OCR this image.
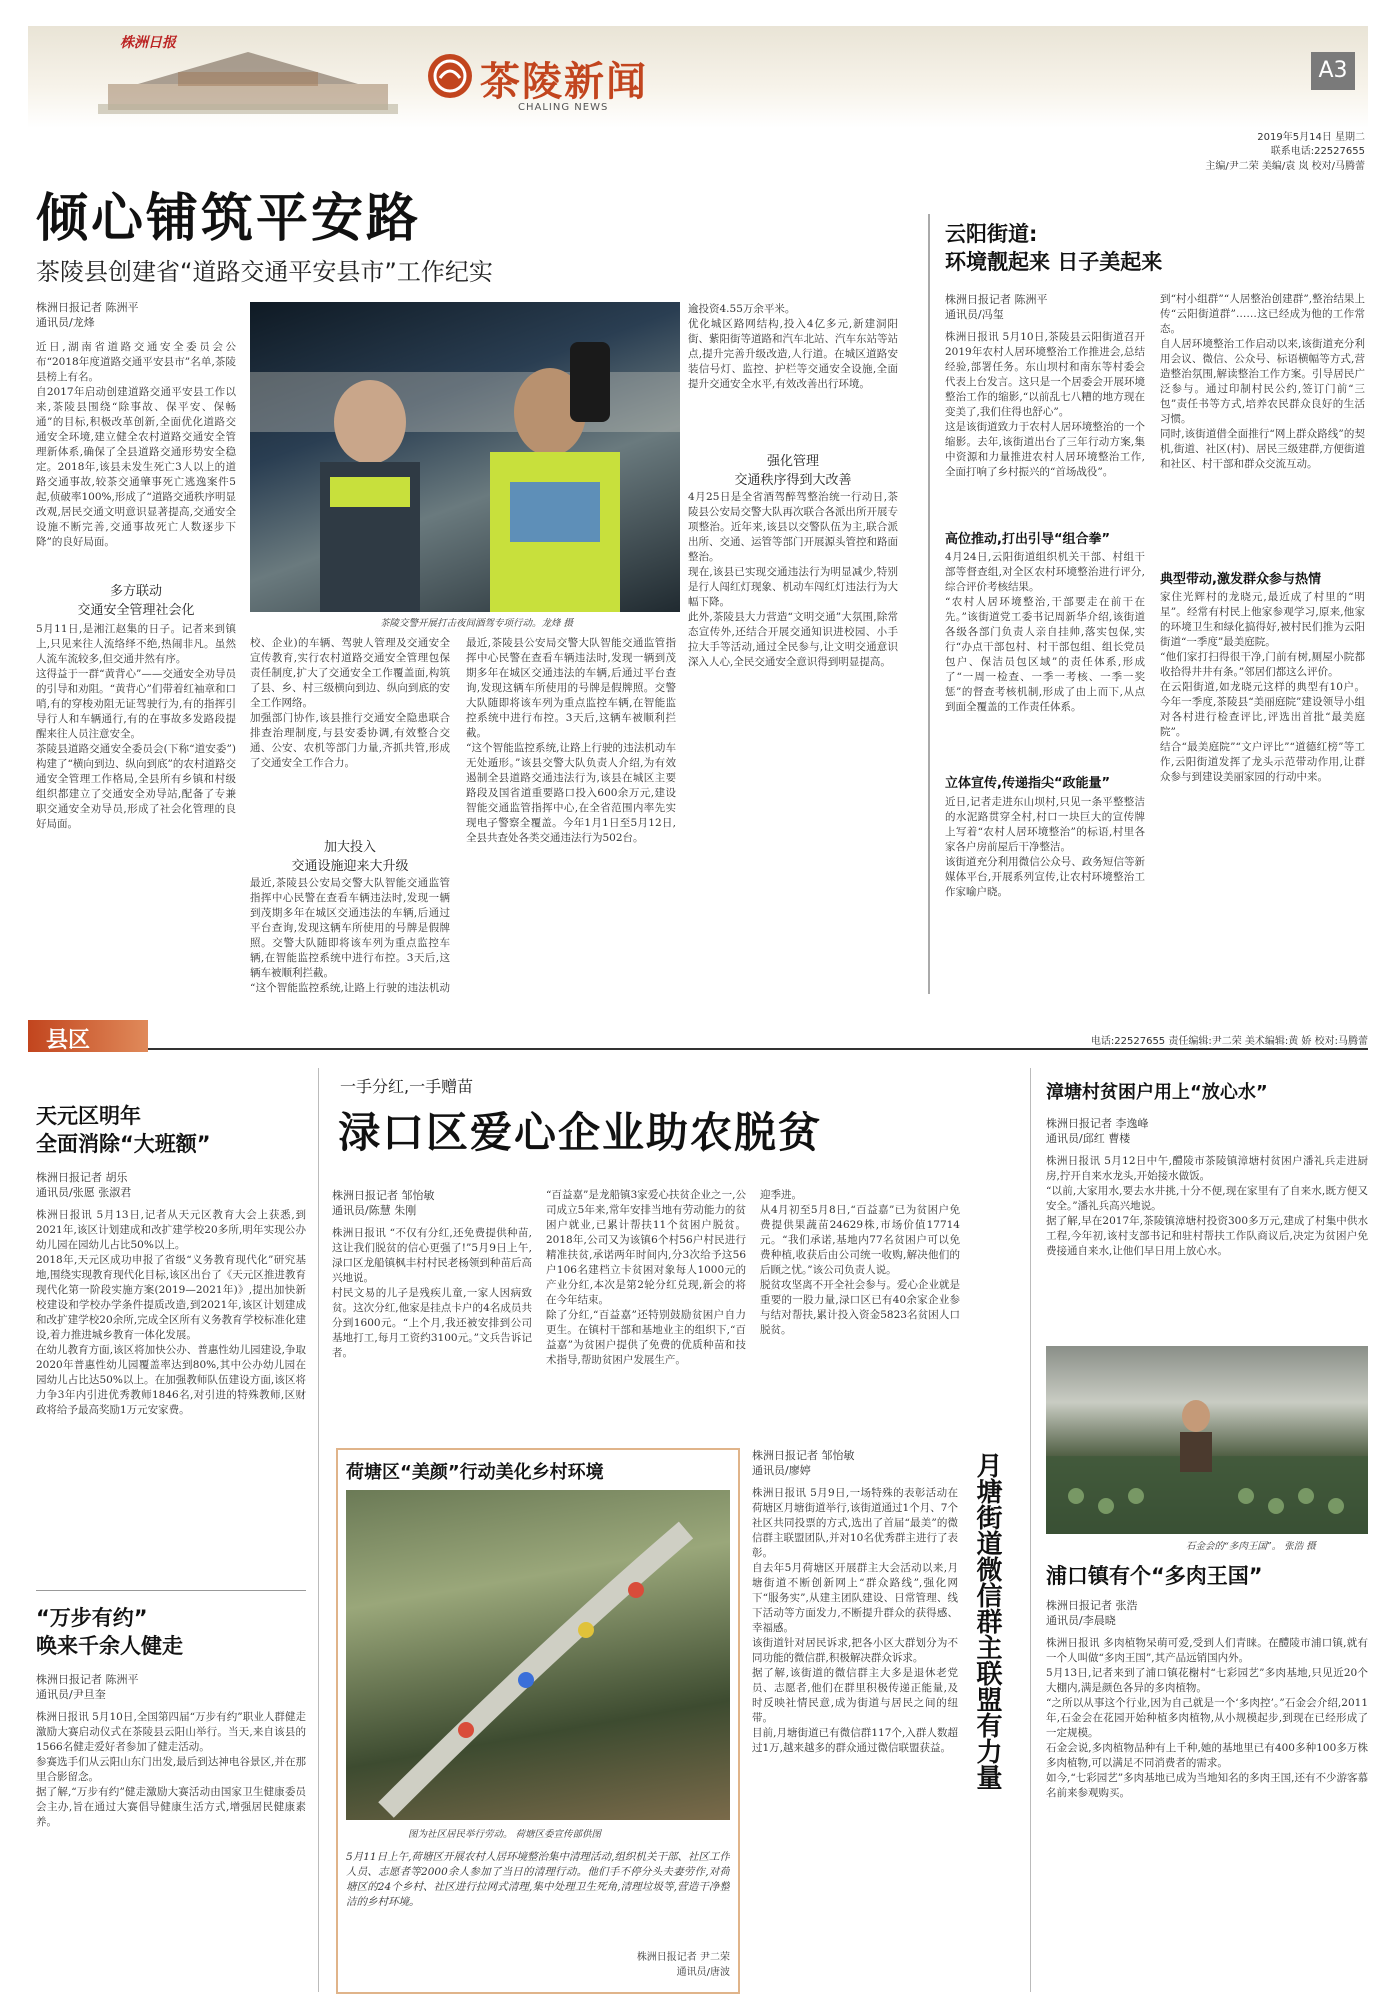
株洲日报
茶陵新闻
CHALING NEWS
A3
2019年5月14日 星期二
联系电话:22527655
主编/尹二荣 美编/袁 岚 校对/马腾蕾
倾心铺筑平安路
茶陵县创建省“道路交通平安县市”工作纪实
株洲日报记者 陈洲平
通讯员/龙烽
近日,湖南省道路交通安全委员会公布“2018年度道路交通平安县市”名单,茶陵县榜上有名。
自2017年启动创建道路交通平安县工作以来,茶陵县围绕“除事故、保平安、保畅通”的目标,积极改革创新,全面优化道路交通安全环境,建立健全农村道路交通安全管理新体系,确保了全县道路交通形势安全稳定。2018年,该县未发生死亡3人以上的道路交通事故,较茶交通肇事死亡逃逸案件5起,侦破率100%,形成了“道路交通秩序明显改观,居民交通文明意识显著提高,交通安全设施不断完善,交通事故死亡人数逐步下降”的良好局面。
多方联动
交通安全管理社会化
5月11日,是湘江赵集的日子。记者来到镇上,只见来往人流络绎不绝,热闹非凡。虽然人流车流较多,但交通井然有序。
这得益于一群“黄背心”——交通安全劝导员的引导和劝阻。“黄背心”们带着红袖章和口哨,有的穿梭劝阻无证驾驶行为,有的指挥引导行人和车辆通行,有的在事故多发路段提醒来往人员注意安全。
茶陵县道路交通安全委员会(下称“道安委”)构建了“横向到边、纵向到底”的农村道路交通安全管理工作格局,全县所有乡镇和村级组织都建立了交通安全劝导站,配备了专兼职交通安全劝导员,形成了社会化管理的良好局面。
茶陵交警开展打击夜间酒驾专项行动。龙烽 摄
校、企业)的车辆、驾驶人管理及交通安全宣传教育,实行农村道路交通安全管理包保责任制度,扩大了交通安全工作覆盖面,构筑了县、乡、村三级横向到边、纵向到底的安全工作网络。
加强部门协作,该县推行交通安全隐患联合排查治理制度,与县安委协调,有效整合交通、公安、农机等部门力量,齐抓共管,形成了交通安全工作合力。
加大投入
交通设施迎来大升级
最近,茶陵县公安局交警大队智能交通监管指挥中心民警在查看车辆违法时,发现一辆到茂期多年在城区交通违法的车辆,后通过平台查询,发现这辆车所使用的号牌是假牌照。交警大队随即将该车列为重点监控车辆,在智能监控系统中进行布控。3天后,这辆车被顺利拦截。
“这个智能监控系统,让路上行驶的违法机动
最近,茶陵县公安局交警大队智能交通监管指挥中心民警在查看车辆违法时,发现一辆到茂期多年在城区交通违法的车辆,后通过平台查询,发现这辆车所使用的号牌是假牌照。交警大队随即将该车列为重点监控车辆,在智能监控系统中进行布控。3天后,这辆车被顺利拦截。
“这个智能监控系统,让路上行驶的违法机动车无处遁形。”该县交警大队负责人介绍,为有效遏制全县道路交通违法行为,该县在城区主要路段及国省道重要路口投入600余万元,建设智能交通监管指挥中心,在全省范围内率先实现电子警察全覆盖。今年1月1日至5月12日,全县共查处各类交通违法行为502台。
逾投资4.55万余平米。
优化城区路网结构,投入4亿多元,新建洞阳街、紫阳街等道路和汽车北站、汽车东站等站点,提升完善升级改造,人行道。在城区道路安装信号灯、监控、护栏等交通安全设施,全面提升交通安全水平,有效改善出行环境。
强化管理
交通秩序得到大改善
4月25日是全省酒驾醉驾整治统一行动日,茶陵县公安局交警大队再次联合各派出所开展专项整治。近年来,该县以交警队伍为主,联合派出所、交通、运管等部门开展源头管控和路面整治。
现在,该县已实现交通违法行为明显减少,特别是行人闯红灯现象、机动车闯红灯违法行为大幅下降。
此外,茶陵县大力营造“文明交通”大氛围,除常态宣传外,还结合开展交通知识进校园、小手拉大手等活动,通过全民参与,让文明交通意识深入人心,全民交通安全意识得到明显提高。
云阳街道:
环境靓起来 日子美起来
株洲日报记者 陈洲平
通讯员/冯玺
株洲日报讯 5月10日,茶陵县云阳街道召开2019年农村人居环境整治工作推进会,总结经验,部署任务。东山坝村和南东等村委会代表上台发言。这只是一个居委会开展环境整治工作的缩影,“以前乱七八糟的地方现在变美了,我们住得也舒心”。
这是该街道致力于农村人居环境整治的一个缩影。去年,该街道出台了三年行动方案,集中资源和力量推进农村人居环境整治工作,全面打响了乡村振兴的“首场战役”。
高位推动,打出引导“组合拳”
4月24日,云阳街道组织机关干部、村组干部等督查组,对全区农村环境整治进行评分,综合评价考核结果。
“农村人居环境整治,干部要走在前干在先。”该街道党工委书记周新华介绍,该街道各级各部门负责人亲自挂帅,落实包保,实行“办点干部包村、村干部包组、组长党员包户、保洁员包区域”的责任体系,形成了“一周一检查、一季一考核、一季一奖惩”的督查考核机制,形成了由上而下,从点到面全覆盖的工作责任体系。
立体宣传,传递指尖“政能量”
近日,记者走进东山坝村,只见一条平整整洁的水泥路贯穿全村,村口一块巨大的宣传牌上写着“农村人居环境整治”的标语,村里各家各户房前屋后干净整洁。
该街道充分利用微信公众号、政务短信等新媒体平台,开展系列宣传,让农村环境整治工作家喻户晓。
到“村小组群”“人居整治创建群”,整治结果上传“云阳街道群”……这已经成为他的工作常态。
自人居环境整治工作启动以来,该街道充分利用会议、微信、公众号、标语横幅等方式,营造整治氛围,解读整治工作方案。引导居民广泛参与。通过印制村民公约,签订门前“三包”责任书等方式,培养农民群众良好的生活习惯。
同时,该街道借全面推行“网上群众路线”的契机,街道、社区(村)、居民三级建群,方便街道和社区、村干部和群众交流互动。
典型带动,激发群众参与热情
家住光辉村的龙晓元,最近成了村里的“明星”。经常有村民上他家参观学习,原来,他家的环境卫生和绿化搞得好,被村民们推为云阳街道“一季度”最美庭院。
“他们家打扫得很干净,门前有树,厕屋小院都收拾得井井有条。”邻居们都这么评价。
在云阳街道,如龙晓元这样的典型有10户。今年一季度,茶陵县“美丽庭院”建设领导小组对各村进行检查评比,评选出首批“最美庭院”。
结合“最美庭院”“文户评比”“道德红榜”等工作,云阳街道发挥了龙头示范带动作用,让群众参与到建设美丽家园的行动中来。
县区	电话:22527655 责任编辑:尹二荣 美术编辑:黄 娇 校对:马腾蕾
天元区明年
全面消除“大班额”
株洲日报记者 胡乐
通讯员/张愿 张淑君
株洲日报讯 5月13日,记者从天元区教育大会上获悉,到2021年,该区计划建成和改扩建学校20多所,明年实现公办幼儿园在园幼儿占比50%以上。
2018年,天元区成功申报了省级“义务教育现代化”研究基地,围绕实现教育现代化目标,该区出台了《天元区推进教育现代化第一阶段实施方案(2019—2021年)》,提出加快新校建设和学校办学条件提质改造,到2021年,该区计划建成和改扩建学校20余所,完成全区所有义务教育学校标准化建设,着力推进城乡教育一体化发展。
在幼儿教育方面,该区将加快公办、普惠性幼儿园建设,争取2020年普惠性幼儿园覆盖率达到80%,其中公办幼儿园在园幼儿占比达50%以上。在加强教师队伍建设方面,该区将力争3年内引进优秀教师1846名,对引进的特殊教师,区财政将给予最高奖励1万元安家费。
“万步有约”
唤来千余人健走
株洲日报记者 陈洲平
通讯员/尹旦奎
株洲日报讯 5月10日,全国第四届“万步有约”职业人群健走激励大赛启动仪式在茶陵县云阳山举行。当天,来自该县的1566名健走爱好者参加了健走活动。
参赛选手们从云阳山东门出发,最后到达神电谷景区,并在那里合影留念。
据了解,“万步有约”健走激励大赛活动由国家卫生健康委员会主办,旨在通过大赛倡导健康生活方式,增强居民健康素养。
一手分红,一手赠苗
渌口区爱心企业助农脱贫
株洲日报记者 邹怡敏
通讯员/陈慧 朱刚
株洲日报讯 “不仅有分红,还免费提供种苗,这让我们脱贫的信心更强了!”5月9日上午,渌口区龙船镇枫丰村村民老杨领到种苗后高兴地说。
村民文易的儿子是残疾儿童,一家人因病致贫。这次分红,他家是挂点卡户的4名成员共分到1600元。“上个月,我还被安排到公司基地打工,每月工资约3100元。”文兵告诉记者。
“百益嘉”是龙船镇3家爱心扶贫企业之一,公司成立5年来,常年安排当地有劳动能力的贫困户就业,已累计帮扶11个贫困户脱贫。2018年,公司又为该镇6个村56户村民进行精准扶贫,承诺两年时间内,分3次给予这56户106名建档立卡贫困对象每人1000元的产业分红,本次是第2轮分红兑现,新会的将在今年结束。
除了分红,“百益嘉”还特别鼓励贫困户自力更生。在镇村干部和基地业主的组织下,“百益嘉”为贫困户提供了免费的优质种苗和技术指导,帮助贫困户发展生产。
迎季进。
从4月初至5月8日,“百益嘉”已为贫困户免费提供果蔬苗24629株,市场价值17714元。“我们承诺,基地内77名贫困户可以免费种植,收获后由公司统一收购,解决他们的后顾之忧。”该公司负责人说。
脱贫攻坚离不开全社会参与。爱心企业就是重要的一股力量,渌口区已有40余家企业参与结对帮扶,累计投入资金5823名贫困人口脱贫。
荷塘区“美颜”行动美化乡村环境
图为社区居民举行劳动。 荷塘区委宣传部供图
5月11日上午,荷塘区开展农村人居环境整治集中清理活动,组织机关干部、社区工作人员、志愿者等2000余人参加了当日的清理行动。他们手不停分头夫妻劳作,对荷塘区的24个乡村、社区进行拉网式清理,集中处理卫生死角,清理垃圾等,营造干净整洁的乡村环境。
株洲日报记者 尹二荣
通讯员/唐波
株洲日报记者 邹怡敏
通讯员/廖婷
株洲日报讯 5月9日,一场特殊的表彰活动在荷塘区月塘街道举行,该街道通过1个月、7个社区共同投票的方式,选出了首届“最美”的微信群主联盟团队,并对10名优秀群主进行了表彰。
自去年5月荷塘区开展群主大会活动以来,月塘街道不断创新网上“群众路线”,强化网下“服务实”,从建主团队建设、日常管理、线下活动等方面发力,不断提升群众的获得感、幸福感。
该街道针对居民诉求,把各小区大群划分为不同功能的微信群,积极解决群众诉求。
据了解,该街道的微信群主大多是退休老党员、志愿者,他们在群里积极传递正能量,及时反映社情民意,成为街道与居民之间的纽带。
目前,月塘街道已有微信群117个,入群人数超过1万,越来越多的群众通过微信联盟获益。 月塘街道微信群主联盟有力量
漳塘村贫困户用上“放心水”
株洲日报记者 李逸峰
通讯员/邱红 曹楼
株洲日报讯 5月12日中午,醴陵市茶陵镇漳塘村贫困户潘礼兵走进厨房,拧开自来水龙头,开始接水做饭。
“以前,大家用水,要去水井挑,十分不便,现在家里有了自来水,既方便又安全。”潘礼兵高兴地说。
据了解,早在2017年,茶陵镇漳塘村投资300多万元,建成了村集中供水工程,今年初,该村支部书记和驻村帮扶工作队商议后,决定为贫困户免费接通自来水,让他们早日用上放心水。
石金会的“多肉王国”。 张浩 摄
浦口镇有个“多肉王国”
株洲日报记者 张浩
通讯员/李晨晓
株洲日报讯 多肉植物呆萌可爱,受到人们青睐。在醴陵市浦口镇,就有一个人叫做“多肉王国”,其产品远销国内外。
5月13日,记者来到了浦口镇花榭村“七彩园艺”多肉基地,只见近20个大棚内,满是颜色各异的多肉植物。
“之所以从事这个行业,因为自己就是一个‘多肉控’。”石金会介绍,2011年,石金会在花园开始种植多肉植物,从小规模起步,到现在已经形成了一定规模。
石金会说,多肉植物品种有上千种,她的基地里已有400多种100多万株多肉植物,可以满足不同消费者的需求。
如今,“七彩园艺”多肉基地已成为当地知名的多肉王国,还有不少游客慕名前来参观购买。
